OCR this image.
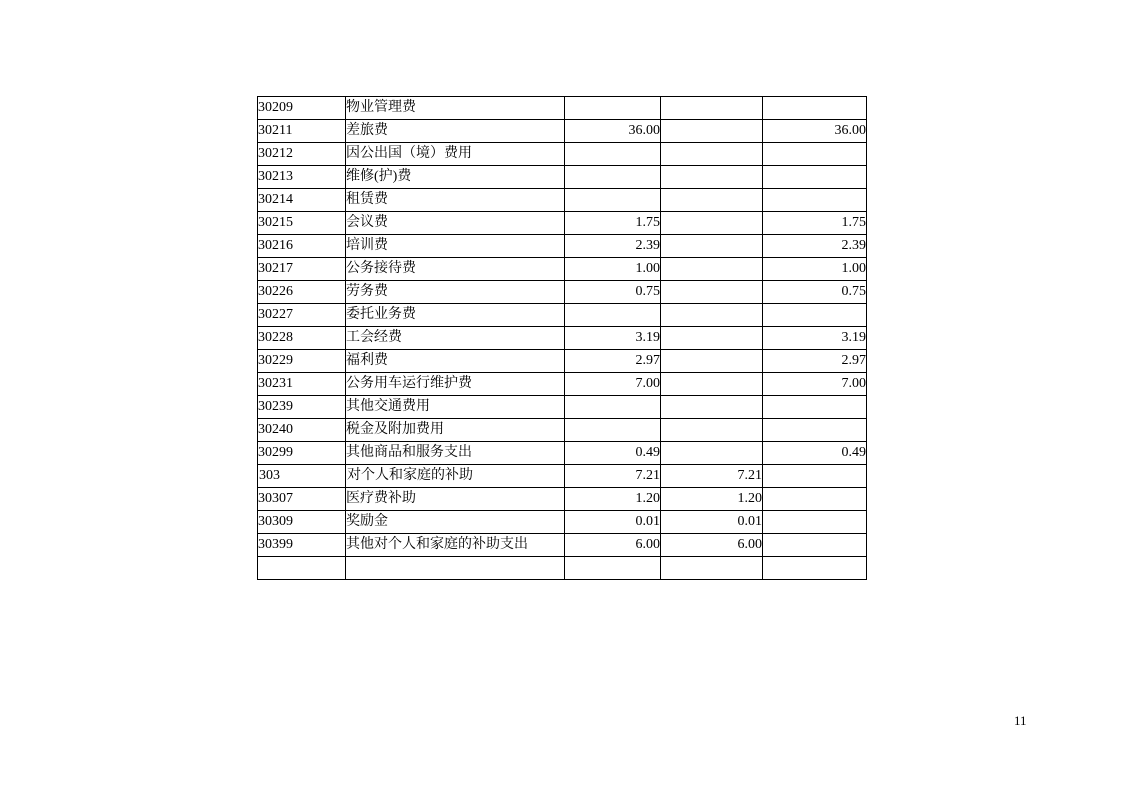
30209	物业管理费			
30211	差旅费	36.00		36.00
30212	因公出国（境）费用			
30213	维修(护)费			
30214	租赁费			
30215	会议费	1.75		1.75
30216	培训费	2.39		2.39
30217	公务接待费	1.00		1.00
30226	劳务费	0.75		0.75
30227	委托业务费			
30228	工会经费	3.19		3.19
30229	福利费	2.97		2.97
30231	公务用车运行维护费	7.00		7.00
30239	其他交通费用			
30240	税金及附加费用			
30299	其他商品和服务支出	0.49		0.49
303	对个人和家庭的补助	7.21	7.21	
30307	医疗费补助	1.20	1.20	
30309	奖励金	0.01	0.01	
30399	其他对个人和家庭的补助支出	6.00	6.00	

11
